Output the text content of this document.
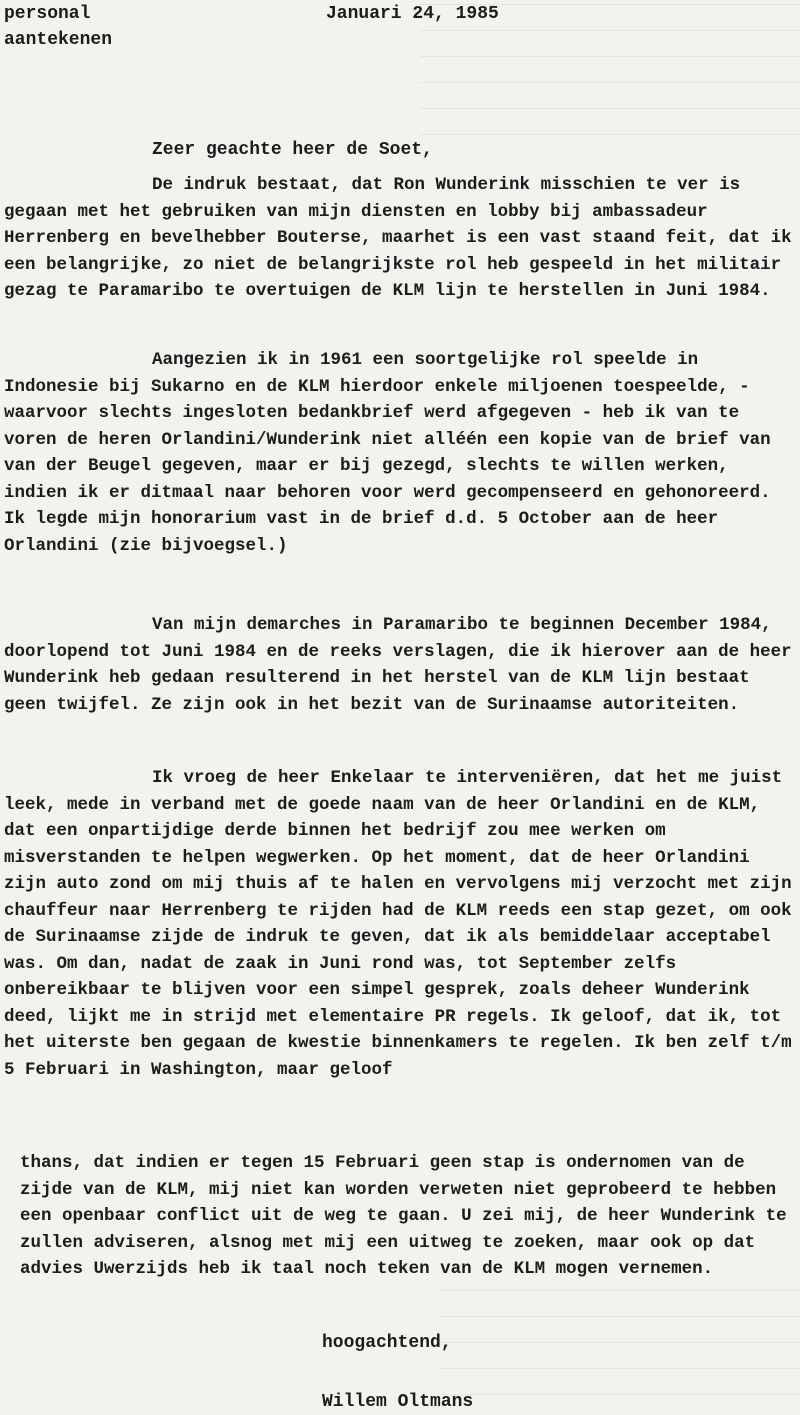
personal
aantekenen
Januari 24, 1985
Zeer geachte heer de Soet,

De indruk bestaat, dat Ron Wunderink misschien te ver is gegaan met het gebruiken van mijn diensten en lobby bij ambassadeur Herrenberg en bevelhebber Bouterse, maarhet is een vast staand feit, dat ik een belangrijke, zo niet de belangrijkste rol heb gespeeld in het militair gezag te Paramaribo te overtuigen de KLM lijn te herstellen in Juni 1984.

Aangezien ik in 1961 een soortgelijke rol speelde in Indonesie bij Sukarno en de KLM hierdoor enkele miljoenen toespeelde, - waarvoor slechts ingesloten bedankbrief werd afgegeven - heb ik van te voren de heren Orlandini/Wunderink niet alléén een kopie van de brief van van der Beugel gegeven, maar er bij gezegd, slechts te willen werken, indien ik er ditmaal naar behoren voor werd gecompenseerd en gehonoreerd. Ik legde mijn honorarium vast in de brief d.d. 5 October aan de heer Orlandini (zie bijvoegsel.)

Van mijn demarches in Paramaribo te beginnen December 1984, doorlopend tot Juni 1984 en de reeks verslagen, die ik hierover aan de heer Wunderink heb gedaan resulterend in het herstel van de KLM lijn bestaat geen twijfel. Ze zijn ook in het bezit van de Surinaamse autoriteiten.

Ik vroeg de heer Enkelaar te interveniëren, dat het me juist leek, mede in verband met de goede naam van de heer Orlandini en de KLM, dat een onpartijdige derde binnen het bedrijf zou mee werken om misverstanden te helpen wegwerken. Op het moment, dat de heer Orlandini zijn auto zond om mij thuis af te halen en vervolgens mij verzocht met zijn chauffeur naar Herrenberg te rijden had de KLM reeds een stap gezet, om ook de Surinaamse zijde de indruk te geven, dat ik als bemiddelaar acceptabel was. Om dan, nadat de zaak in Juni rond was, tot September zelfs onbereikbaar te blijven voor een simpel gesprek, zoals deheer Wunderink deed, lijkt me in strijd met elementaire PR regels. Ik geloof, dat ik, tot het uiterste ben gegaan de kwestie binnenkamers te regelen. Ik ben zelf t/m 5 Februari in Washington, maar geloof

thans, dat indien er tegen 15 Februari geen stap is ondernomen van de zijde van de KLM, mij niet kan worden verweten niet geprobeerd te hebben een openbaar conflict uit de weg te gaan. U zei mij, de heer Wunderink te zullen adviseren, alsnog met mij een uitweg te zoeken, maar ook op dat advies Uwerzijds heb ik taal noch teken van de KLM mogen vernemen.

hoogachtend,
Willem Oltmans
